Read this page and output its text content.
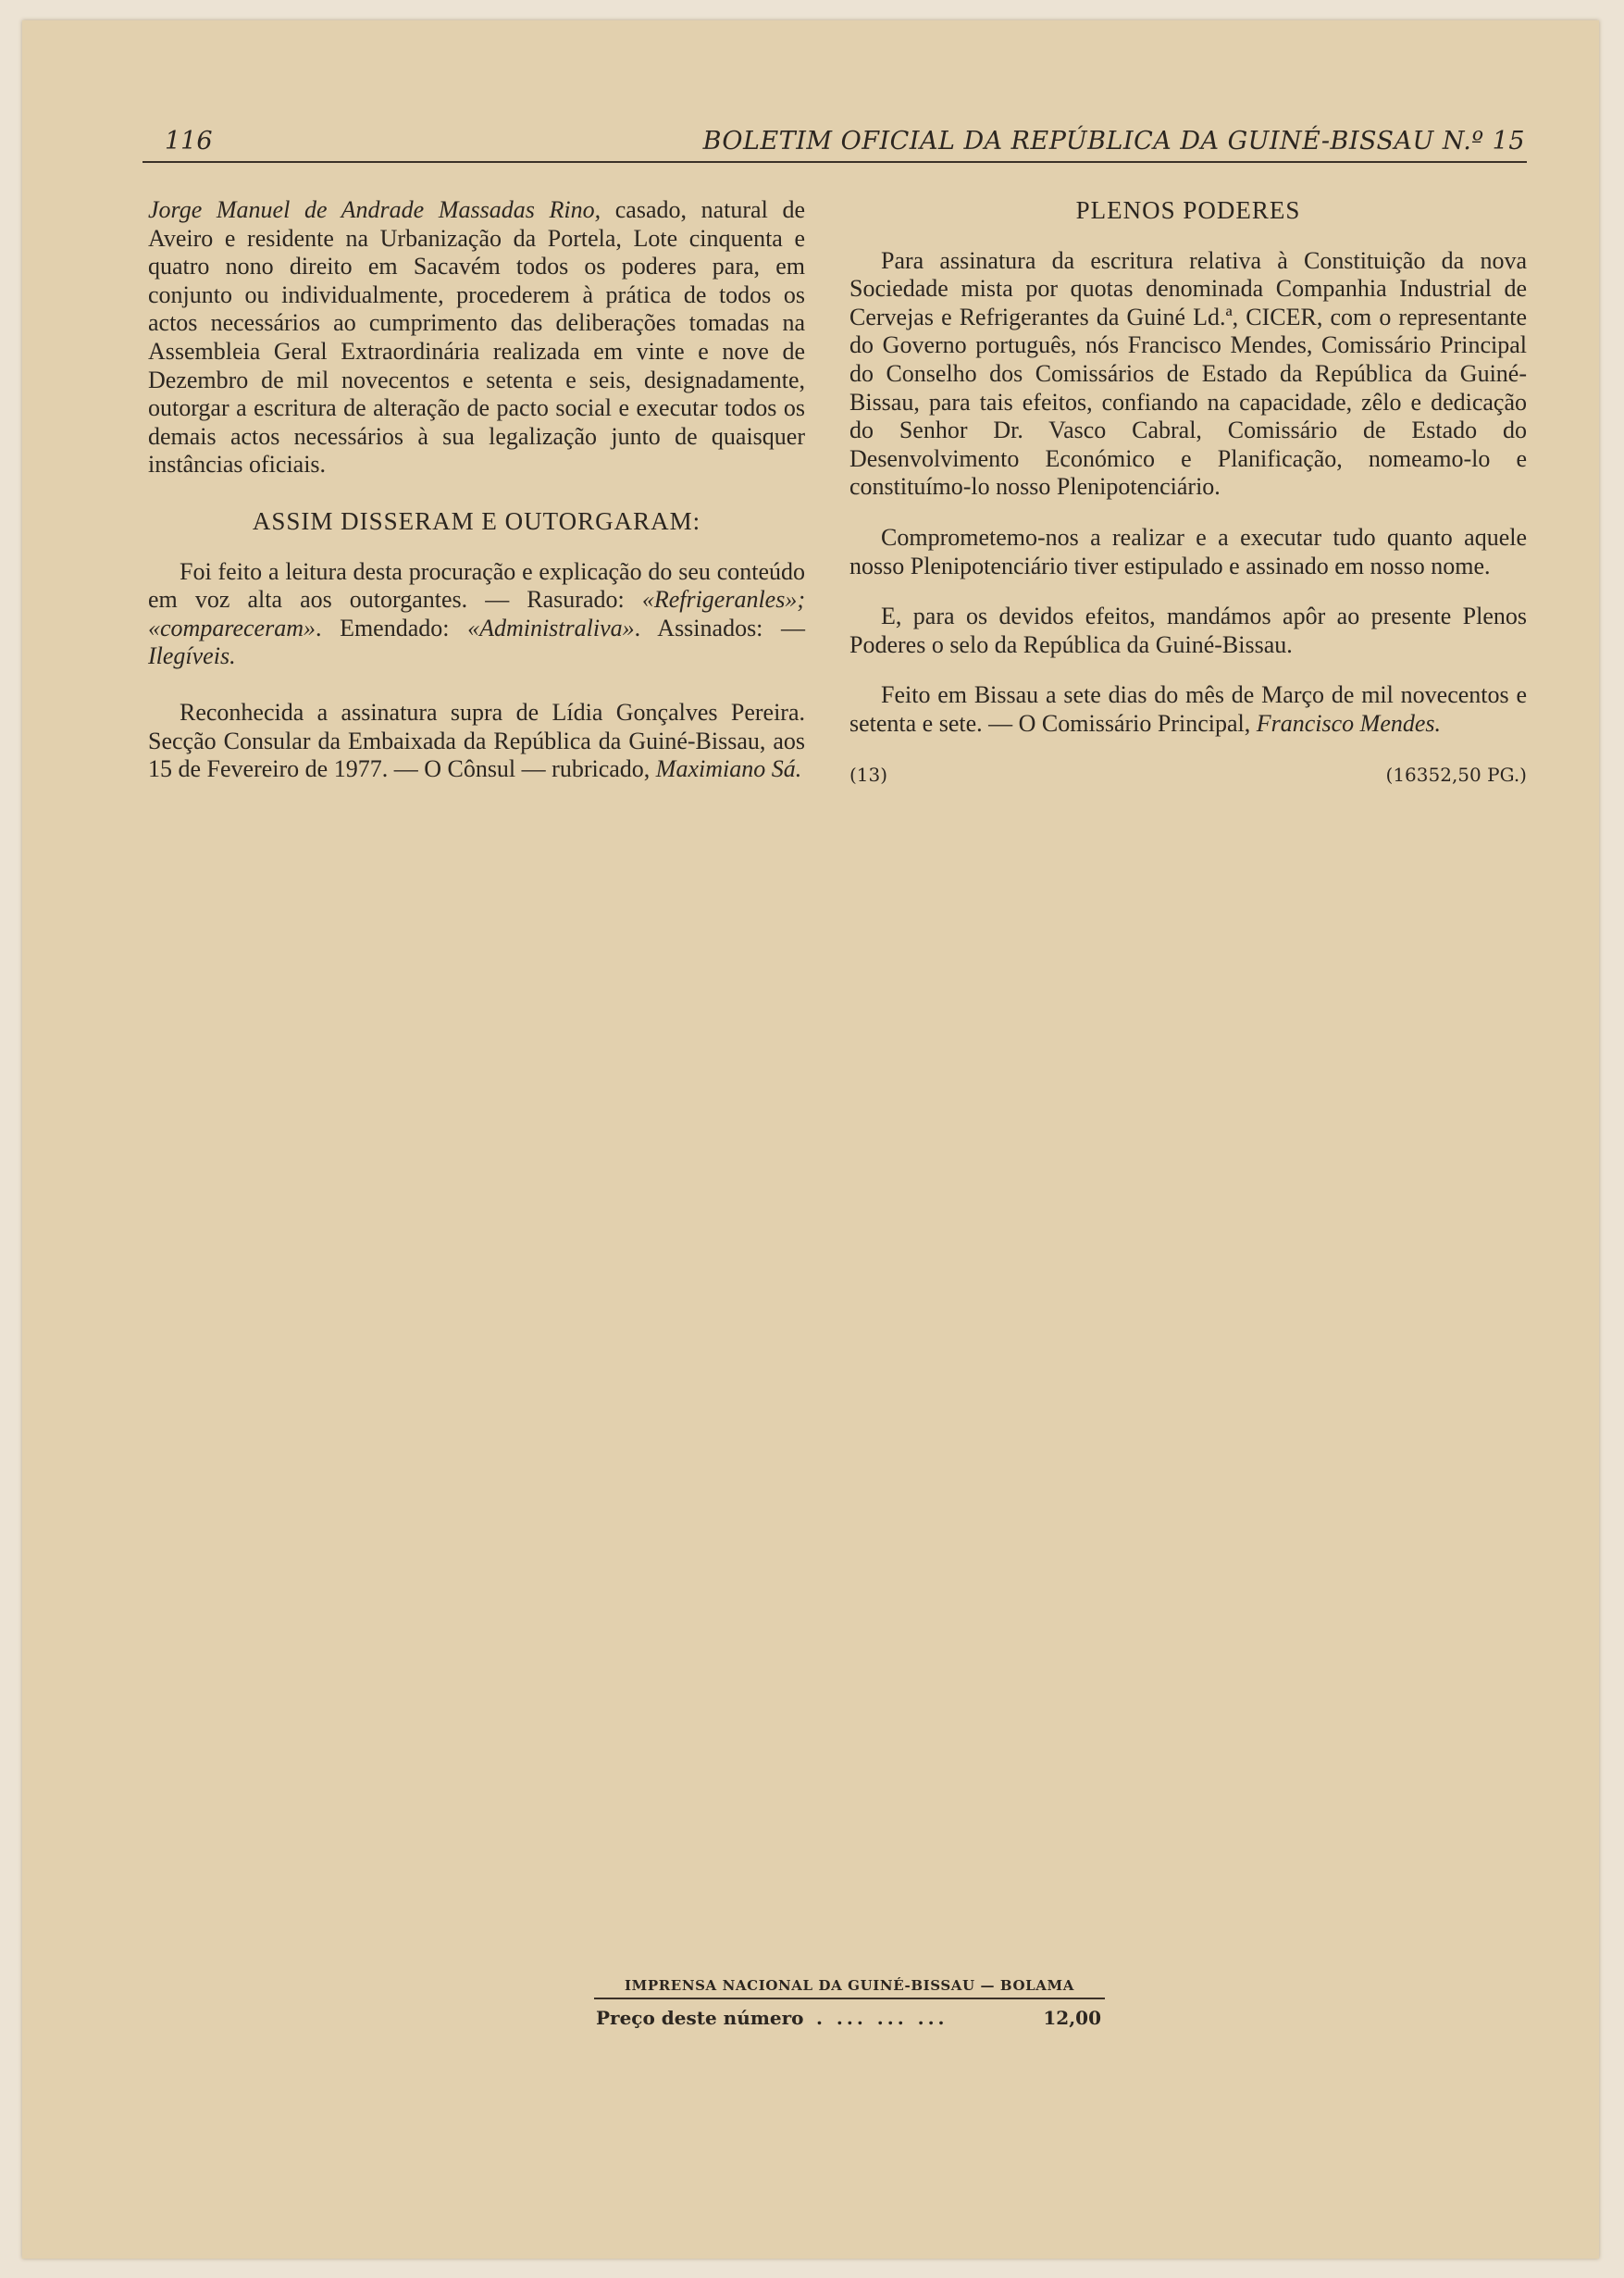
116	BOLETIM OFICIAL DA REPÚBLICA DA GUINÉ-BISSAU N.º 15

Jorge Manuel de Andrade Massadas Rino, casado, natural de Aveiro e residente na Urbanização da Portela, Lote cinquenta e quatro nono direito em Sacavém todos os poderes para, em conjunto ou individualmente, procederem à prática de todos os actos necessários ao cumprimento das deliberações tomadas na Assembleia Geral Extraordinária realizada em vinte e nove de Dezembro de mil novecentos e setenta e seis, designadamente, outorgar a escritura de alteração de pacto social e executar todos os demais actos necessários à sua legalização junto de quaisquer instâncias oficiais.

ASSIM DISSERAM E OUTORGARAM:

Foi feito a leitura desta procuração e explicação do seu conteúdo em voz alta aos outorgantes. — Rasurado: «Refrigeranles»; «compareceram». Emendado: «Administraliva». Assinados: — Ilegíveis.

Reconhecida a assinatura supra de Lídia Gonçalves Pereira. Secção Consular da Embaixada da República da Guiné-Bissau, aos 15 de Fevereiro de 1977. — O Cônsul — rubricado, Maximiano Sá.

PLENOS PODERES

Para assinatura da escritura relativa à Constituição da nova Sociedade mista por quotas denominada Companhia Industrial de Cervejas e Refrigerantes da Guiné Ld.ª, CICER, com o representante do Governo português, nós Francisco Mendes, Comissário Principal do Conselho dos Comissários de Estado da República da Guiné-Bissau, para tais efeitos, confiando na capacidade, zêlo e dedicação do Senhor Dr. Vasco Cabral, Comissário de Estado do Desenvolvimento Económico e Planificação, nomeamo-lo e constituímo-lo nosso Plenipotenciário.

Comprometemo-nos a realizar e a executar tudo quanto aquele nosso Plenipotenciário tiver estipulado e assinado em nosso nome.

E, para os devidos efeitos, mandámos apôr ao presente Plenos Poderes o selo da República da Guiné-Bissau.

Feito em Bissau a sete dias do mês de Março de mil novecentos e setenta e sete. — O Comissário Principal, Francisco Mendes.

(13)	(16352,50 PG.)
IMPRENSA NACIONAL DA GUINÉ-BISSAU — BOLAMA
Preço deste número . ... ... ...	12,00
